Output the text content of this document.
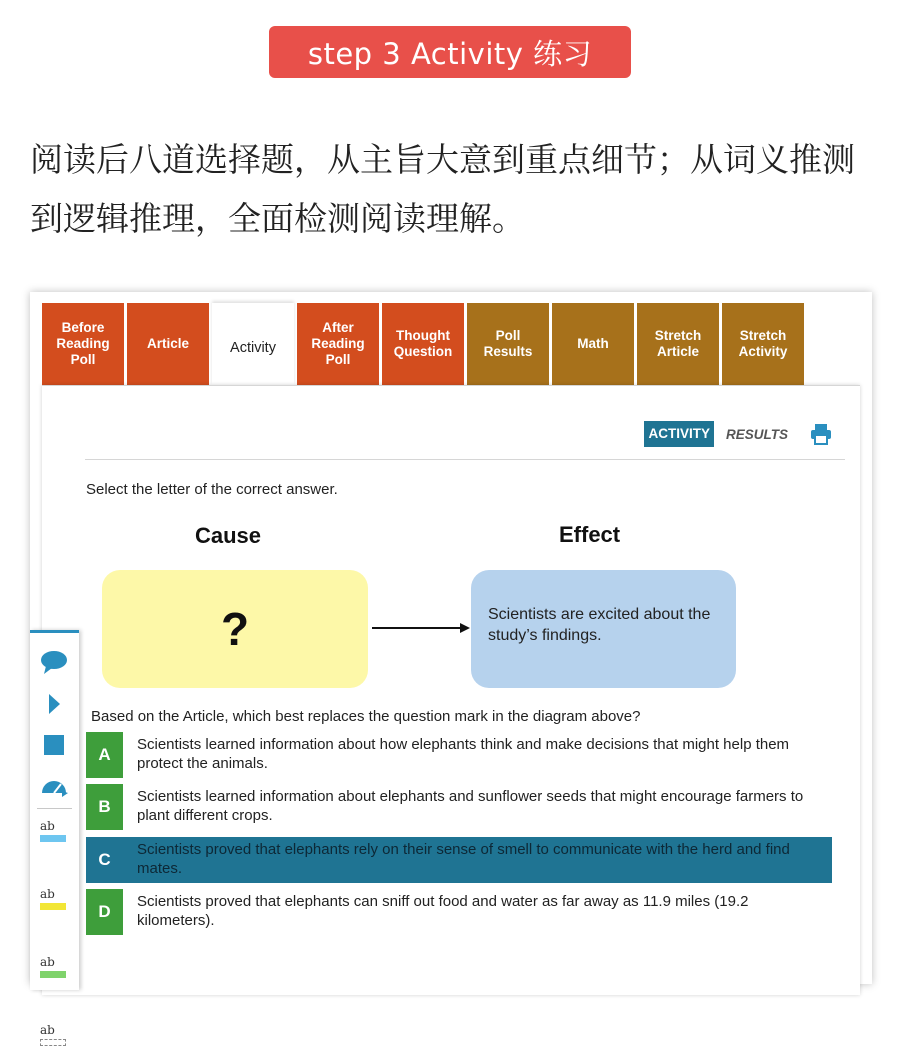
step 3 Activity 练习
阅读后八道选择题，从主旨大意到重点细节；从词义推测到逻辑推理，全面检测阅读理解。
Before Reading Poll
Article	Activity
After Reading Poll
Thought Question
Poll Results
Math
Stretch Article
Stretch Activity
ACTIVITY RESULTS
Select the letter of the correct answer.
Cause	Effect
?	Scientists are excited about the study’s findings.
Based on the Article, which best replaces the question mark in the diagram above?
A
Scientists learned information about how elephants think and make decisions that might help them protect the animals.
B
Scientists learned information about elephants and sunflower seeds that might encourage farmers to plant different crops.
C
Scientists proved that elephants rely on their sense of smell to communicate with the herd and find mates.
D
Scientists proved that elephants can sniff out food and water as far away as 11.9 miles (19.2 kilometers).
ab
ab
ab
ab
